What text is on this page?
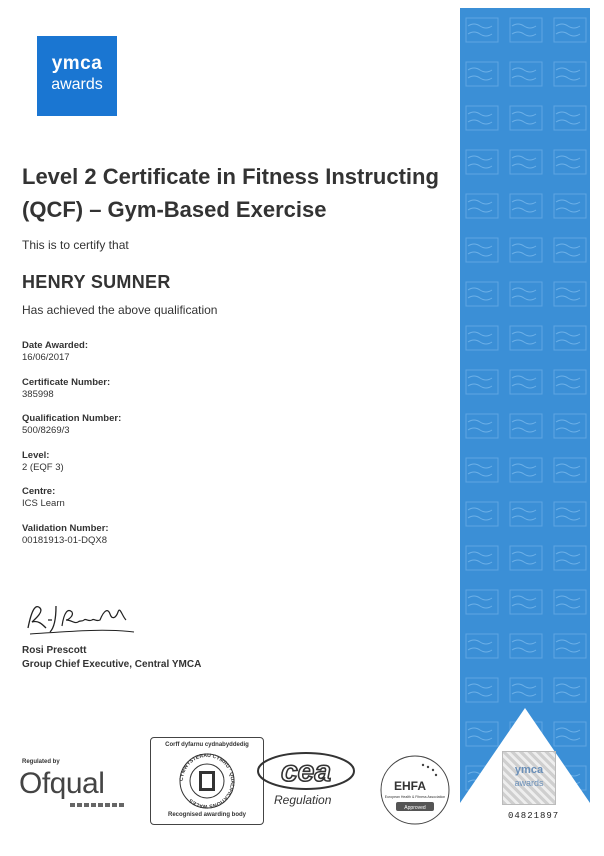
ymca
awards
Level 2 Certificate in Fitness Instructing (QCF) – Gym-Based Exercise
This is to certify that
HENRY SUMNER
Has achieved the above qualification
Date Awarded:
16/06/2017
Certificate Number:
385998
Qualification Number:
500/8269/3
Level:
2 (EQF 3)
Centre:
ICS Learn
Validation Number:
00181913-01-DQX8
Rosi Prescott
Group Chief Executive, Central YMCA
Regulated by
Ofqual
Corff dyfarnu cydnabyddedig
CYMWYSTERAU CYMRU · QUALIFICATIONS WALES
Recognised awarding body
cea
Regulation
EHFA
European Health & Fitness Association
Approved
ymca
awards
04821897
